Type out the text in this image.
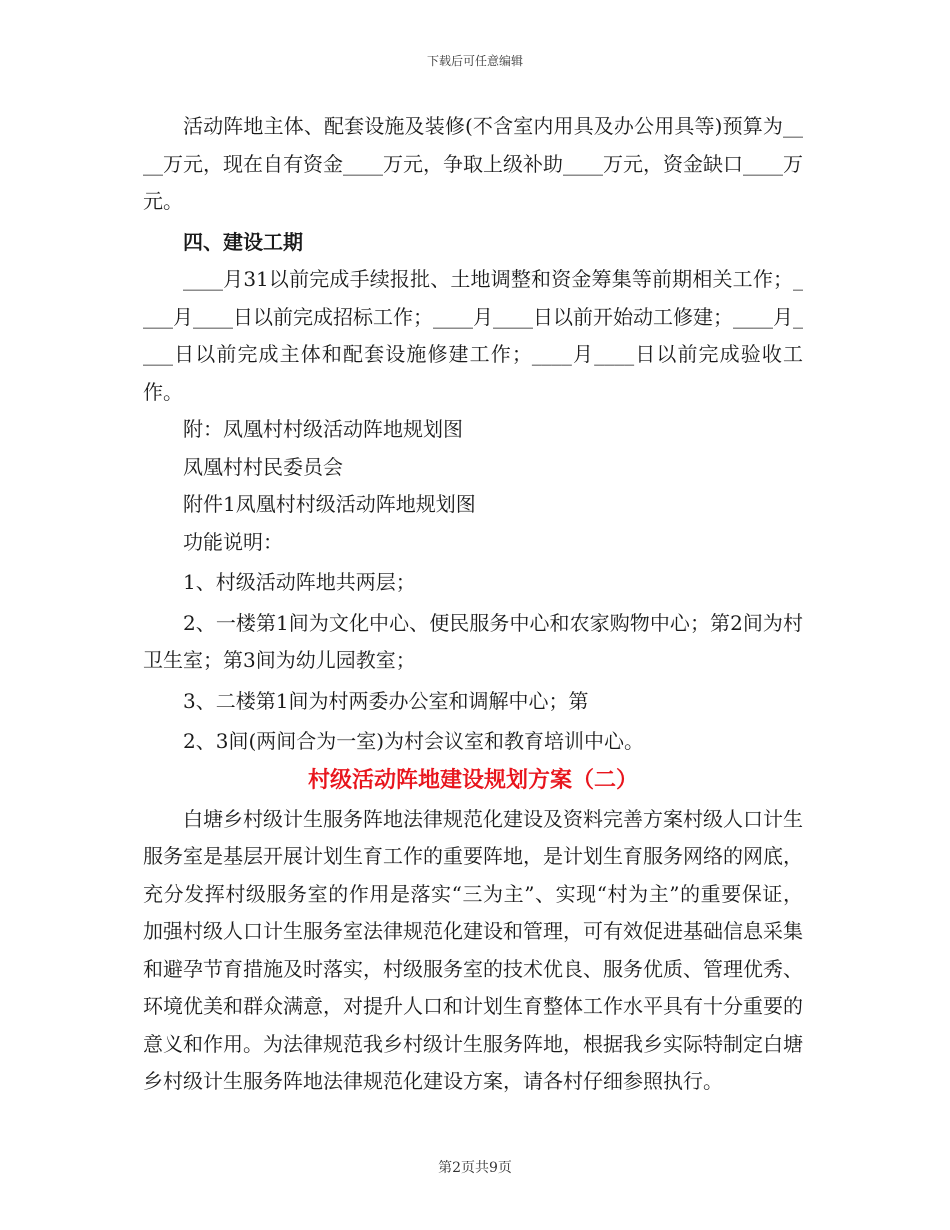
下载后可任意编辑

活动阵地主体、配套设施及装修(不含室内用具及办公用具等)预算为____万元，现在自有资金____万元，争取上级补助____万元，资金缺口____万元。

四、建设工期

____月31以前完成手续报批、土地调整和资金筹集等前期相关工作；____月____日以前完成招标工作；____月____日以前开始动工修建；____月____日以前完成主体和配套设施修建工作；____月____日以前完成验收工作。

附：凤凰村村级活动阵地规划图

凤凰村村民委员会

附件1凤凰村村级活动阵地规划图

功能说明：

1、村级活动阵地共两层；

2、一楼第1间为文化中心、便民服务中心和农家购物中心；第2间为村卫生室；第3间为幼儿园教室；

3、二楼第1间为村两委办公室和调解中心；第

2、3间(两间合为一室)为村会议室和教育培训中心。

村级活动阵地建设规划方案（二）

白塘乡村级计生服务阵地法律规范化建设及资料完善方案村级人口计生服务室是基层开展计划生育工作的重要阵地，是计划生育服务网络的网底，充分发挥村级服务室的作用是落实“三为主”、实现“村为主”的重要保证，加强村级人口计生服务室法律规范化建设和管理，可有效促进基础信息采集和避孕节育措施及时落实，村级服务室的技术优良、服务优质、管理优秀、环境优美和群众满意，对提升人口和计划生育整体工作水平具有十分重要的意义和作用。为法律规范我乡村级计生服务阵地，根据我乡实际特制定白塘乡村级计生服务阵地法律规范化建设方案，请各村仔细参照执行。

第2页共9页
